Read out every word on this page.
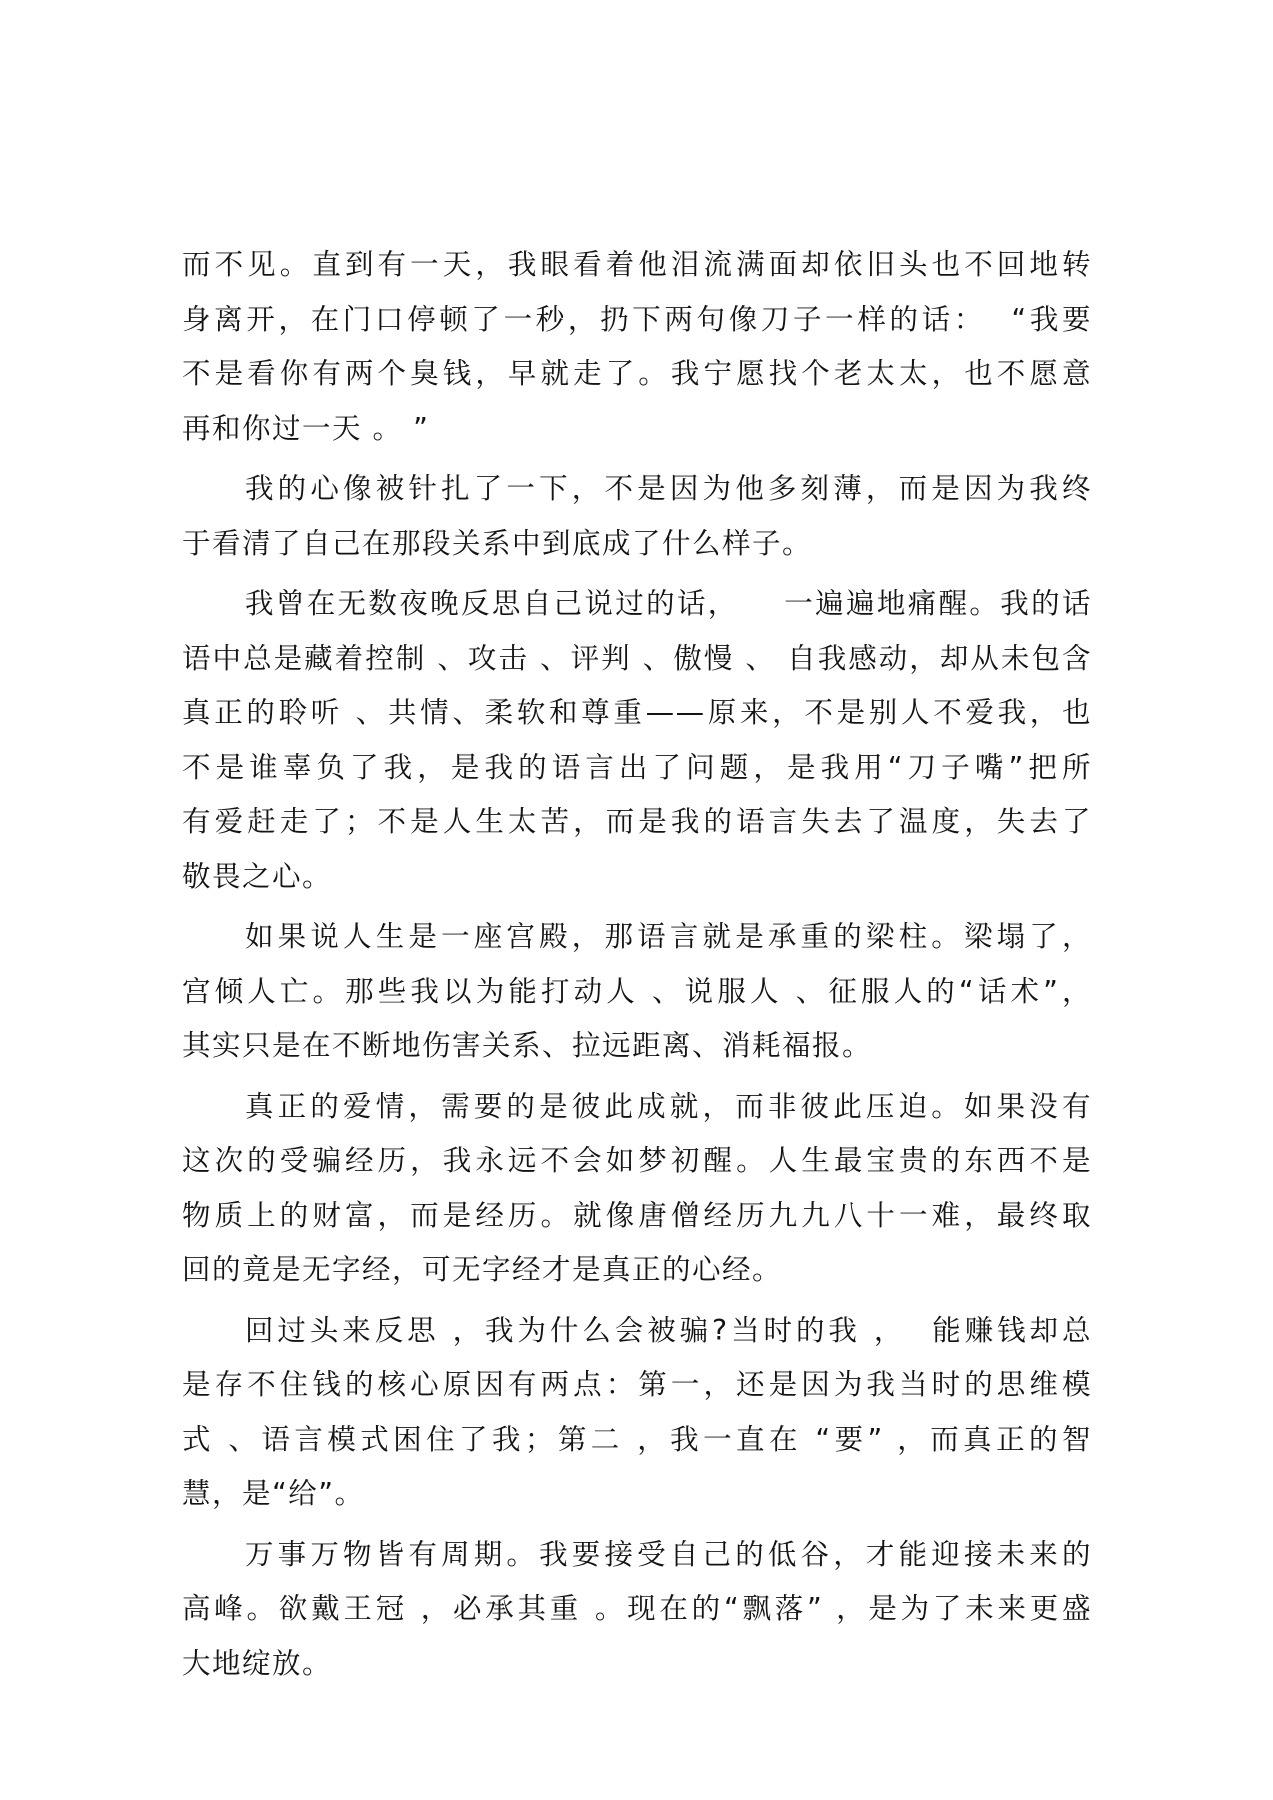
而不见。直到有一天，我眼看着他泪流满面却依旧头也不回地转
身离开，在门口停顿了一秒，扔下两句像刀子一样的话：  “我要
不是看你有两个臭钱，早就走了。我宁愿找个老太太，也不愿意
再和你过一天 。 ”
我的心像被针扎了一下，不是因为他多刻薄，而是因为我终
于看清了自己在那段关系中到底成了什么样子。
我曾在无数夜晚反思自己说过的话，    一遍遍地痛醒。我的话
语中总是藏着控制 、攻击 、评判 、傲慢 、 自我感动，却从未包含
真正的聆听 、共情、柔软和尊重——原来，不是别人不爱我，也
不是谁辜负了我，是我的语言出了问题，是我用“刀子嘴”把所
有爱赶走了；不是人生太苦，而是我的语言失去了温度，失去了
敬畏之心。
如果说人生是一座宫殿，那语言就是承重的梁柱。梁塌了，
宫倾人亡。那些我以为能打动人 、说服人 、征服人的“话术”，
其实只是在不断地伤害关系、拉远距离、消耗福报。
真正的爱情，需要的是彼此成就，而非彼此压迫。如果没有
这次的受骗经历，我永远不会如梦初醒。人生最宝贵的东西不是
物质上的财富，而是经历。就像唐僧经历九九八十一难，最终取
回的竟是无字经，可无字经才是真正的心经。
回过头来反思 ，我为什么会被骗?当时的我 ，  能赚钱却总
是存不住钱的核心原因有两点：第一，还是因为我当时的思维模
式 、语言模式困住了我；第二 ，我一直在 “要” ，而真正的智
慧，是“给”。
万事万物皆有周期。我要接受自己的低谷，才能迎接未来的
高峰。欲戴王冠 ，必承其重 。现在的“飘落” ，是为了未来更盛
大地绽放。
